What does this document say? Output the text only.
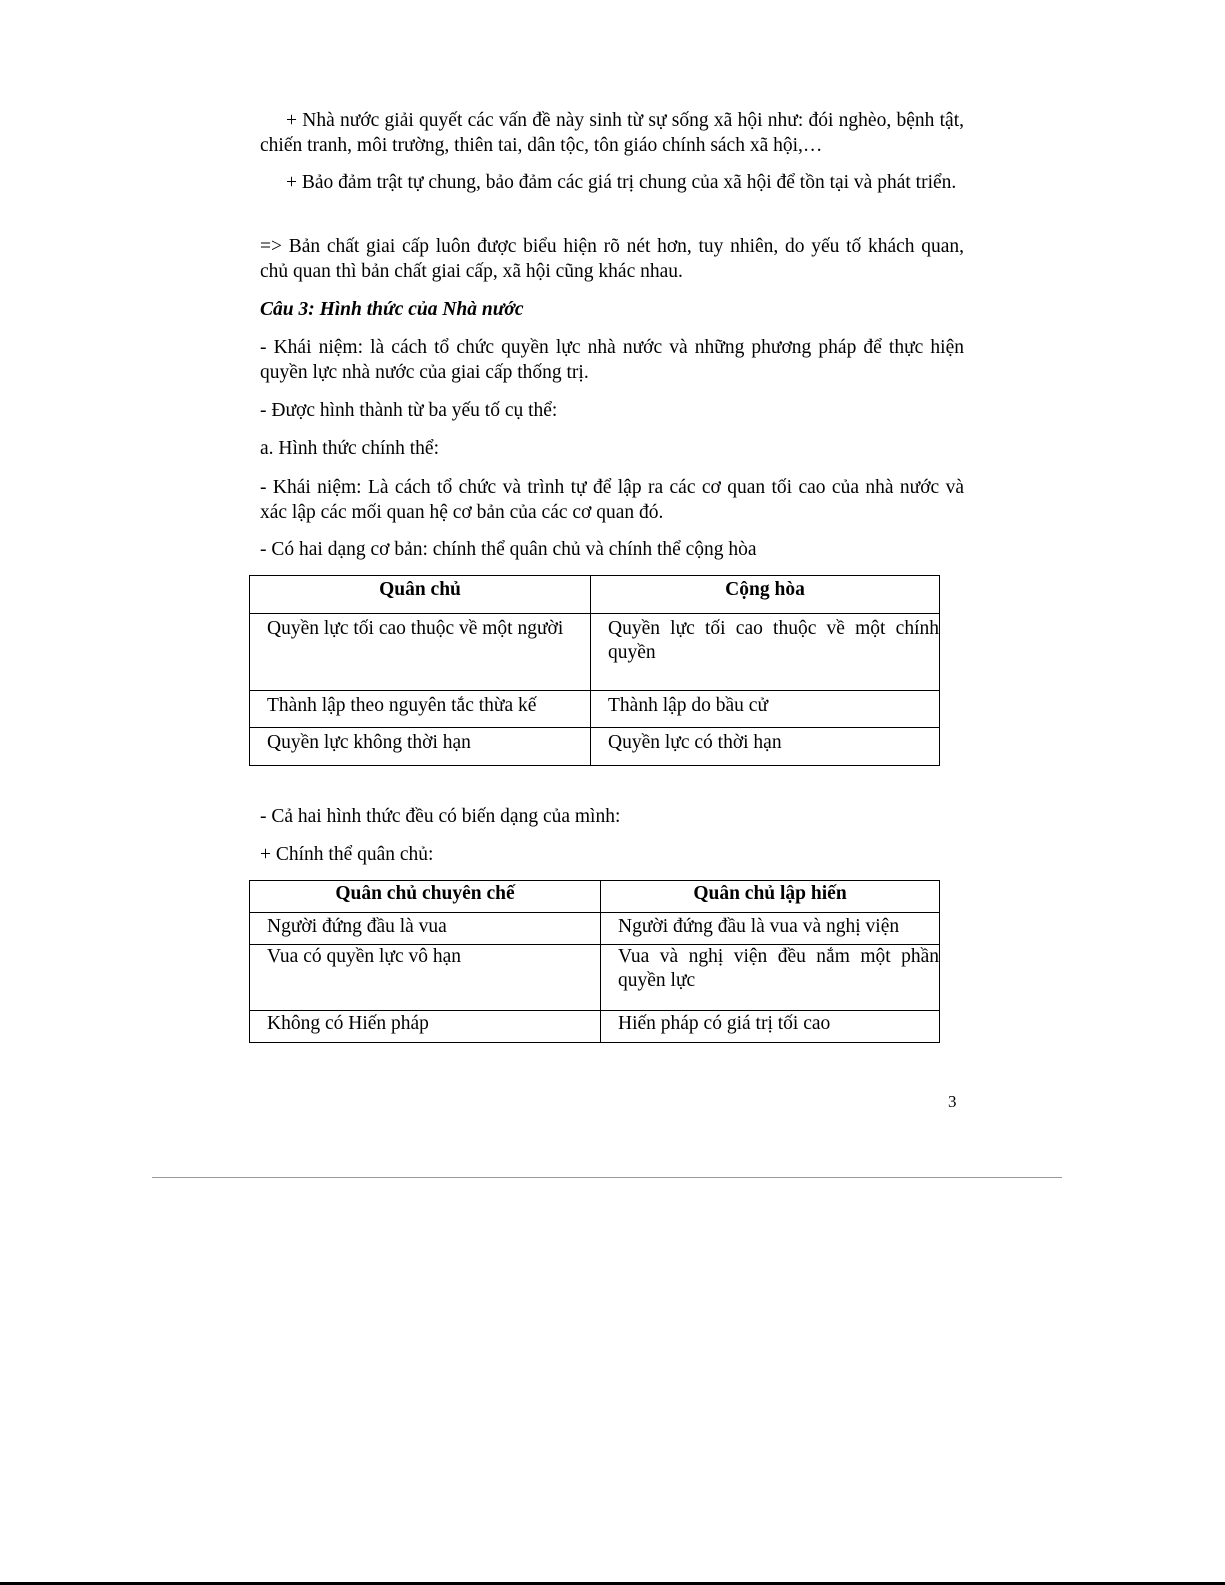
+ Nhà nước giải quyết các vấn đề này sinh từ sự sống xã hội như: đói nghèo, bệnh tật, chiến tranh, môi trường, thiên tai, dân tộc, tôn giáo chính sách xã hội,…

+ Bảo đảm trật tự chung, bảo đảm các giá trị chung của xã hội để tồn tại và phát triển.

=> Bản chất giai cấp luôn được biểu hiện rõ nét hơn, tuy nhiên, do yếu tố khách quan, chủ quan thì bản chất giai cấp, xã hội cũng khác nhau.

Câu 3: Hình thức của Nhà nước

- Khái niệm: là cách tổ chức quyền lực nhà nước và những phương pháp để thực hiện quyền lực nhà nước của giai cấp thống trị.

- Được hình thành từ ba yếu tố cụ thể:

a. Hình thức chính thể:

- Khái niệm: Là cách tổ chức và trình tự để lập ra các cơ quan tối cao của nhà nước và xác lập các mối quan hệ cơ bản của các cơ quan đó.

- Có hai dạng cơ bản: chính thể quân chủ và chính thể cộng hòa

Quân chủ	Cộng hòa

Quyền lực tối cao thuộc về một người	Quyền lực tối cao thuộc về một chính quyền

Thành lập theo nguyên tắc thừa kế	Thành lập do bầu cử

Quyền lực không thời hạn	Quyền lực có thời hạn

- Cả hai hình thức đều có biến dạng của mình:

+ Chính thể quân chủ:

Quân chủ chuyên chế	Quân chủ lập hiến

Người đứng đầu là vua	Người đứng đầu là vua và nghị viện

Vua có quyền lực vô hạn	Vua và nghị viện đều nắm một phần quyền lực

Không có Hiến pháp	Hiến pháp có giá trị tối cao
3
